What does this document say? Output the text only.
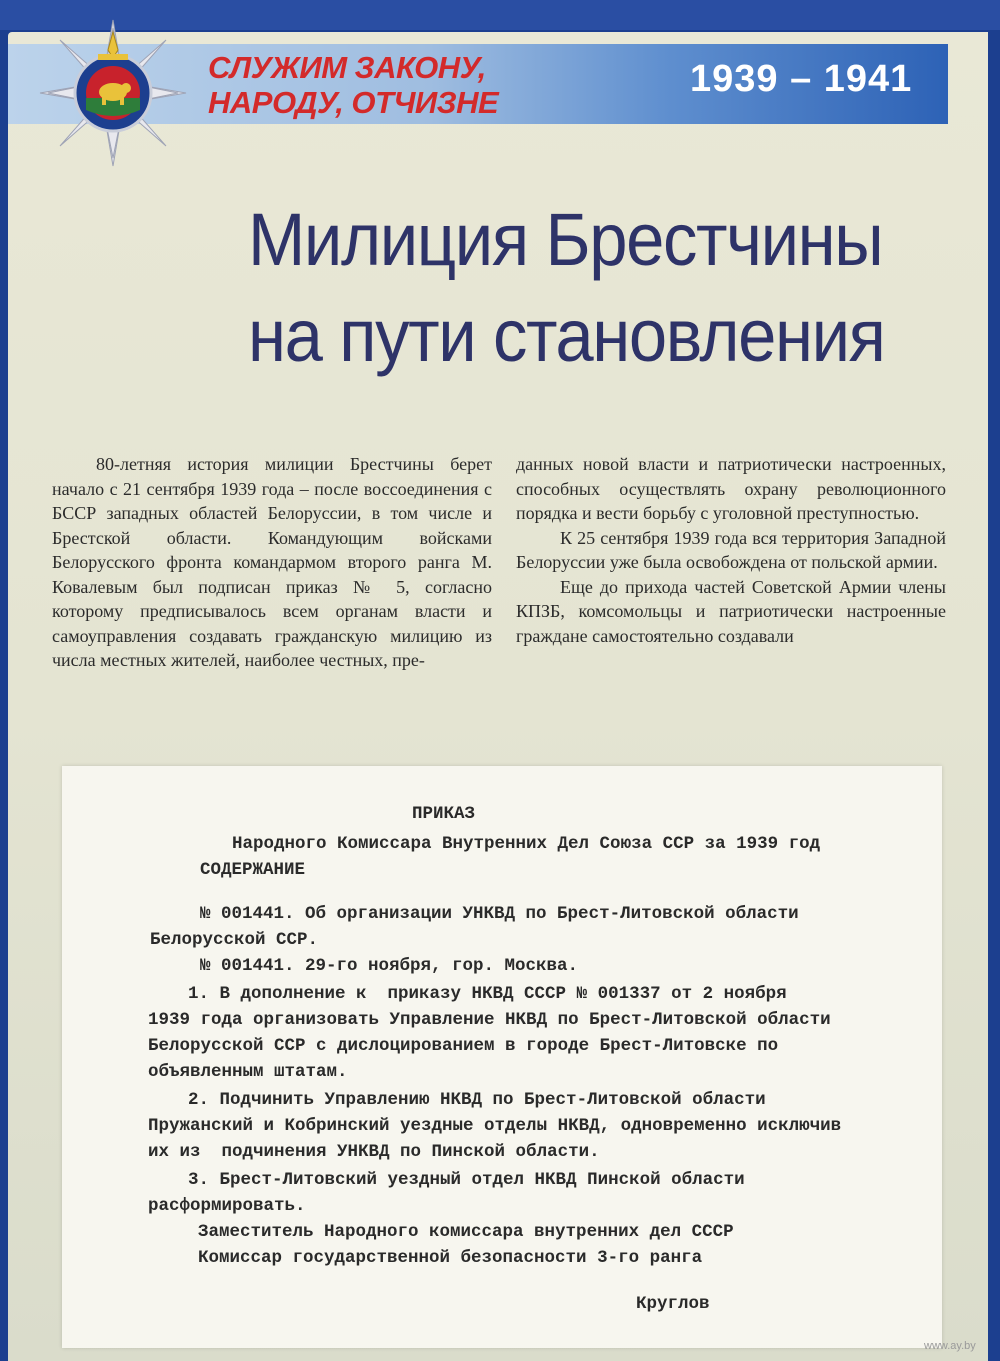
СЛУЖИМ ЗАКОНУ,
НАРОДУ, ОТЧИЗНЕ
1939 – 1941
Милиция Брестчины
на пути становления

80-летняя история милиции Брестчины берет начало с 21 сентября 1939 года – после воссоединения с БССР западных областей Белоруссии, в том числе и Брестской области. Командующим войсками Белорусского фронта командармом второго ранга М. Ковалевым был подписан приказ № 5, согласно которому предписывалось всем органам власти и самоуправления создавать гражданскую милицию из числа местных жителей, наиболее честных, пре-

данных новой власти и патриотически настроенных, способных осуществлять охрану революционного порядка и вести борьбу с уголовной преступностью.

К 25 сентября 1939 года вся территория Западной Белоруссии уже была освобождена от польской армии.

Еще до прихода частей Советской Армии члены КПЗБ, комсомольцы и патриотически настроенные граждане самостоятельно создавали

ПРИКАЗ
Народного Комиссара Внутренних Дел Союза ССР за 1939 год
СОДЕРЖАНИЕ
№ 001441. Об организации УНКВД по Брест-Литовской области
Белорусской ССР.
№ 001441. 29-го ноября, гор. Москва.
1. В дополнение к  приказу НКВД СССР № 001337 от 2 ноября
1939 года организовать Управление НКВД по Брест-Литовской области
Белорусской ССР с дислоцированием в городе Брест-Литовске по
объявленным штатам.
2. Подчинить Управлению НКВД по Брест-Литовской области
Пружанский и Кобринский уездные отделы НКВД, одновременно исключив
их из  подчинения УНКВД по Пинской области.
3. Брест-Литовский уездный отдел НКВД Пинской области
расформировать.
Заместитель Народного комиссара внутренних дел СССР
Комиссар государственной безопасности 3-го ранга
Круглов
www.ay.by
